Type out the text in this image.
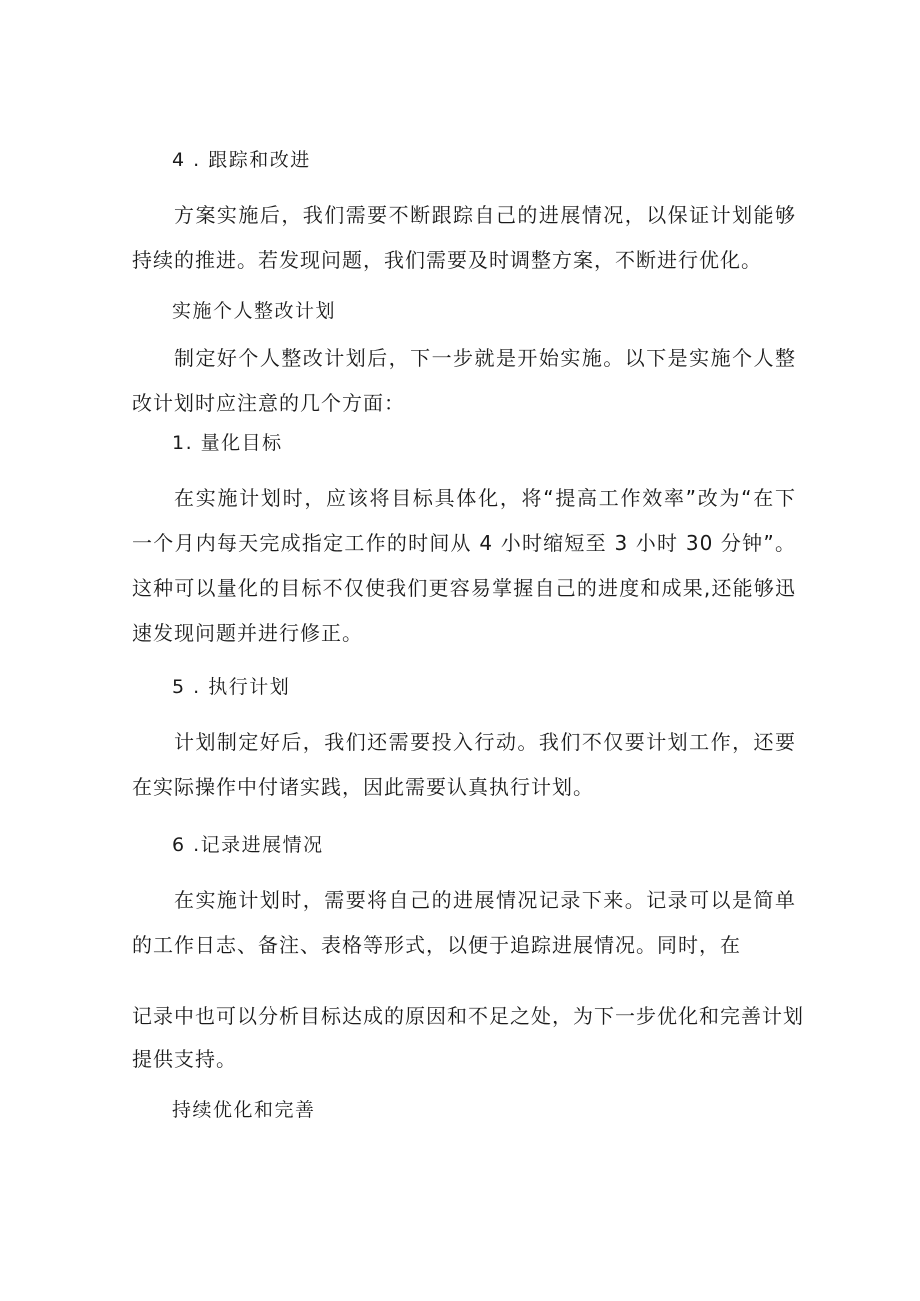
4 . 跟踪和改进

方案实施后，我们需要不断跟踪自己的进展情况，以保证计划能够持续的推进。若发现问题，我们需要及时调整方案，不断进行优化。

实施个人整改计划

制定好个人整改计划后，下一步就是开始实施。以下是实施个人整改计划时应注意的几个方面：

1. 量化目标

在实施计划时，应该将目标具体化，将“提高工作效率”改为“在下一个月内每天完成指定工作的时间从 4 小时缩短至 3 小时 30 分钟”。这种可以量化的目标不仅使我们更容易掌握自己的进度和成果,还能够迅速发现问题并进行修正。

5 . 执行计划

计划制定好后，我们还需要投入行动。我们不仅要计划工作，还要在实际操作中付诸实践，因此需要认真执行计划。

6 .记录进展情况

在实施计划时，需要将自己的进展情况记录下来。记录可以是简单的工作日志、备注、表格等形式，以便于追踪进展情况。同时，在

记录中也可以分析目标达成的原因和不足之处，为下一步优化和完善计划
提供支持。
持续优化和完善
